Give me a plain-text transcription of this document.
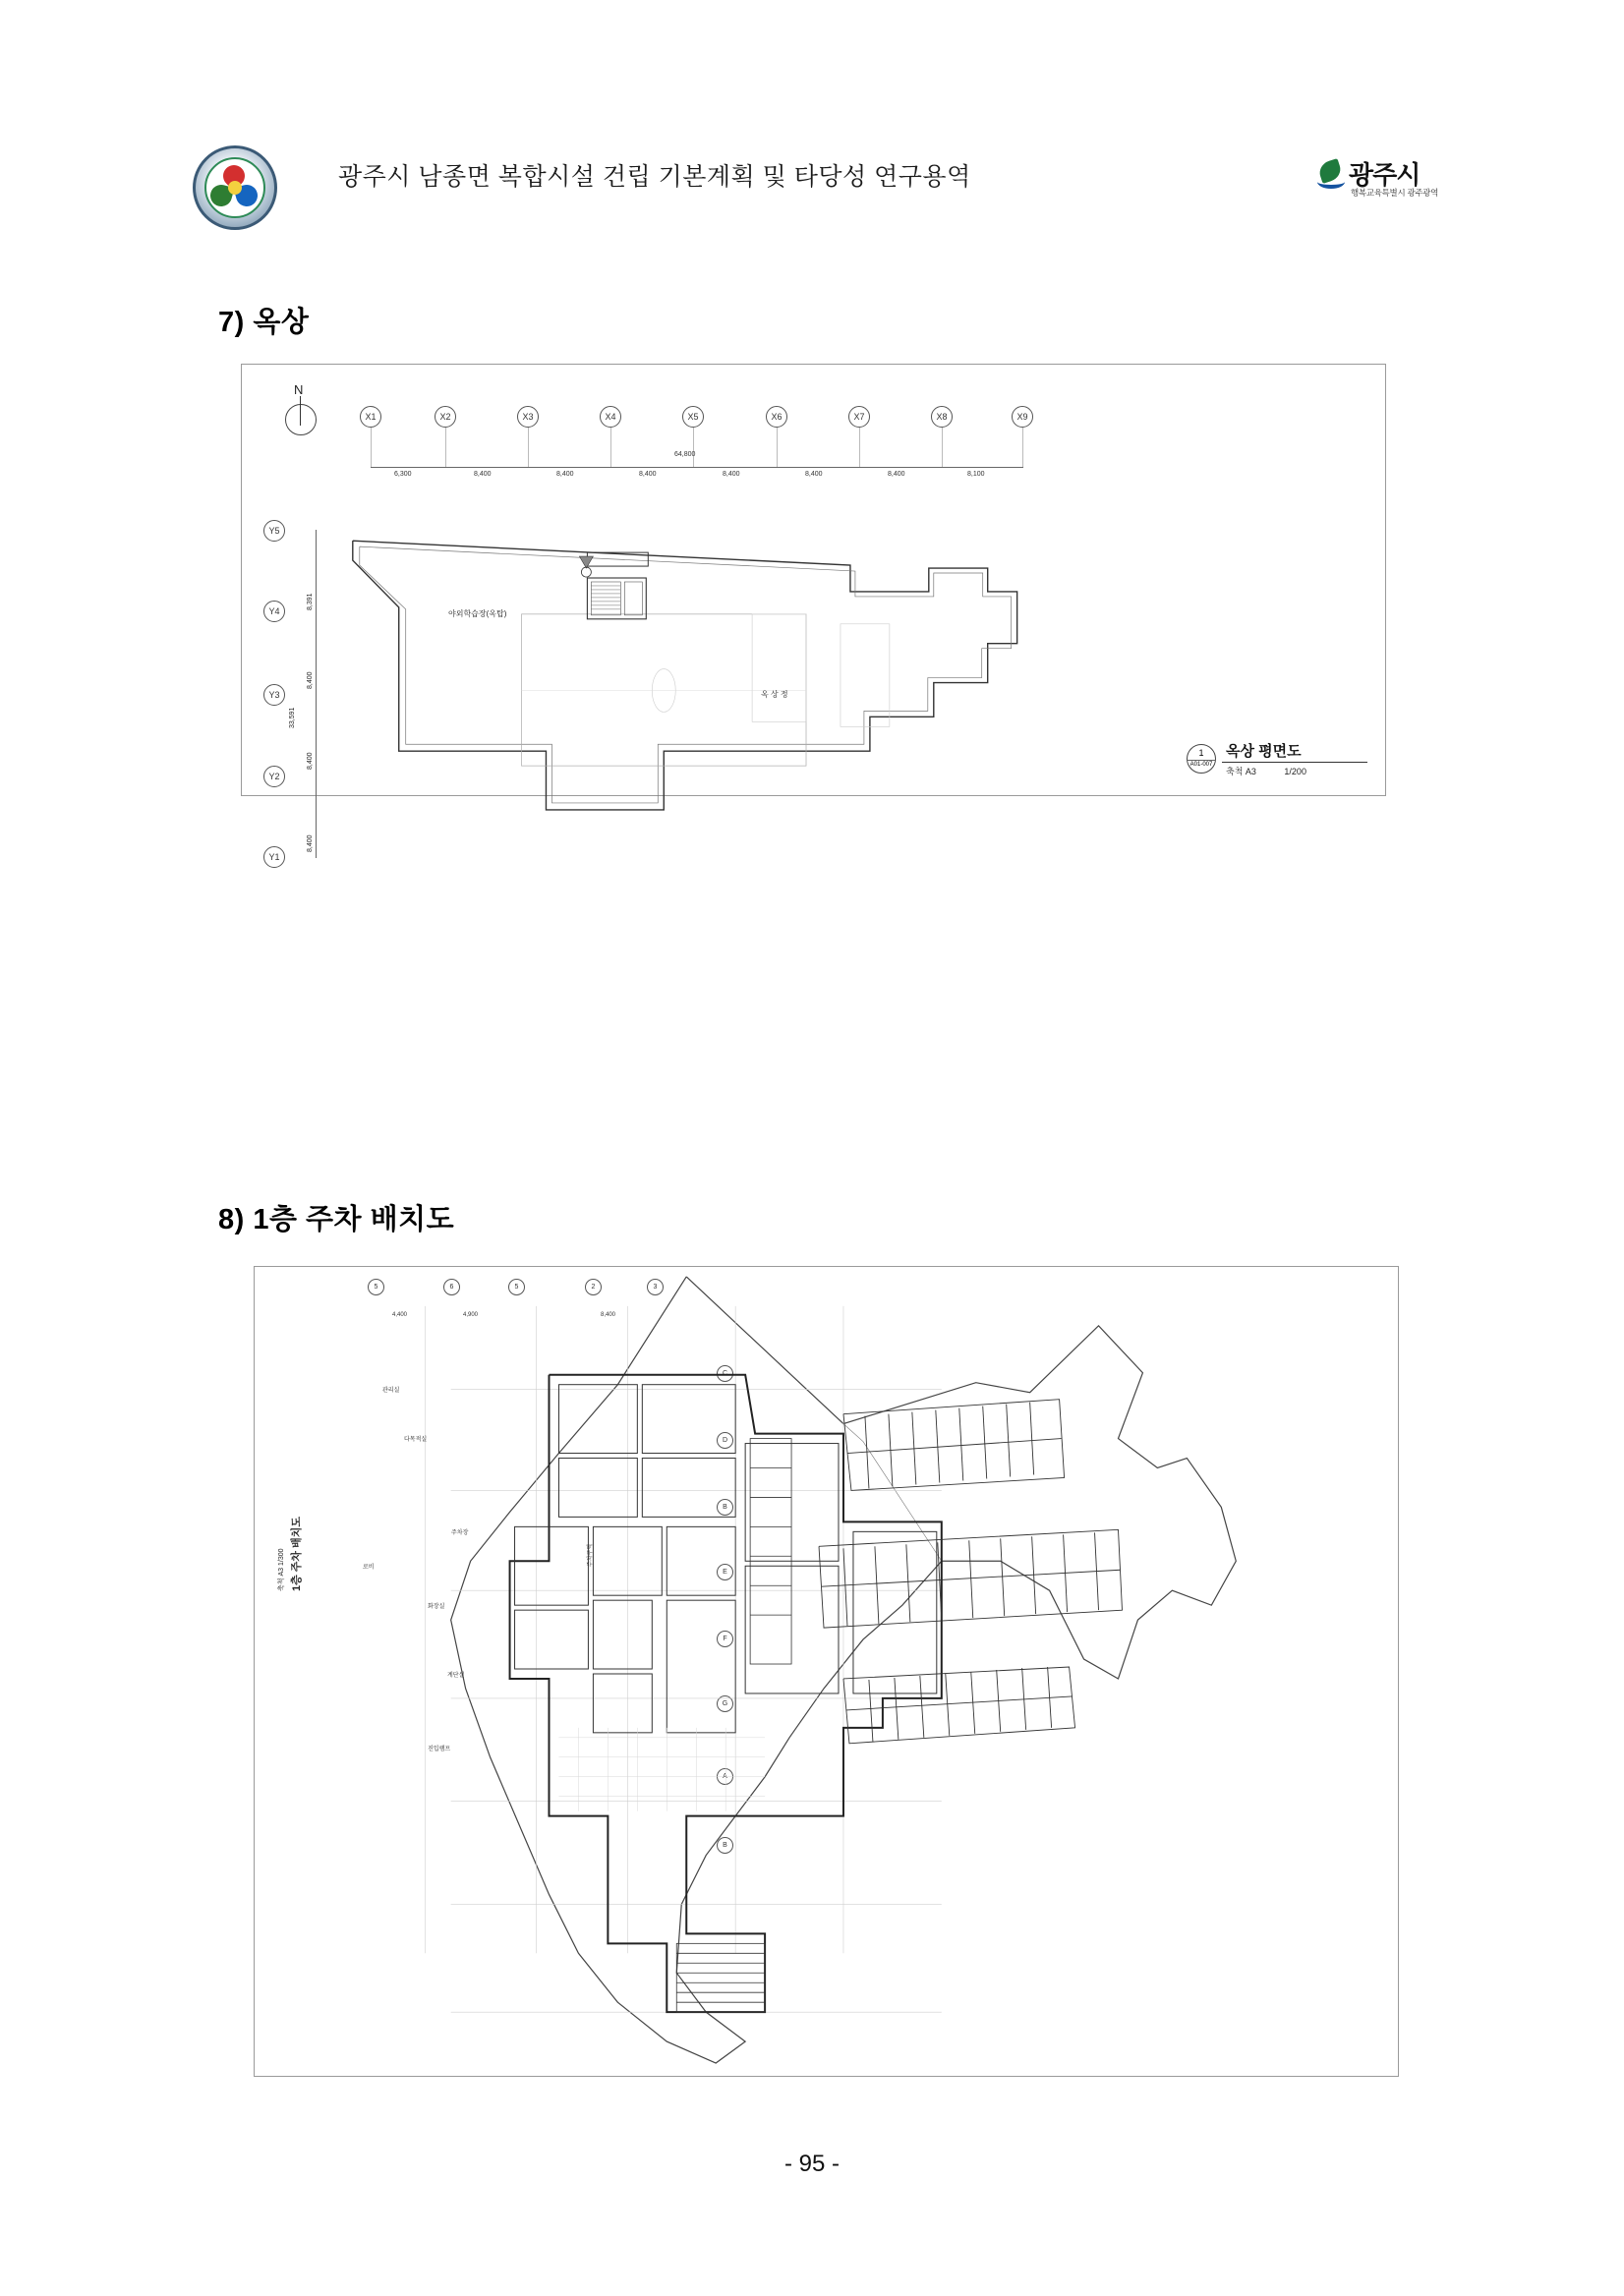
광주시 남종면 복합시설 건립 기본계획 및 타당성 연구용역	광주시
행복교육특별시 광주광역
7) 옥상
N
X1	X2	X3	X4	X5	X6	X7	X8	X9
64,800
6,300	8,400	8,400	8,400	8,400	8,400	8,400	8,100
Y5
Y4
Y3
Y2
Y1
8,391
8,400
8,400
8,400
33,591
야외학습장(옥탑)
옥 상 정
1
A01-007
옥상 평면도
축척 A3	1/200
8) 1층 주차 배치도
5	6	5	2	3
C
D
B
E
F
G
A
B
4,400	4,900	8,400
1층 주차 배치도
축척 A3 1/300
주차장
다목적실
관리실
로비
화장실
계단실
주차구역
진입램프
- 95 -
